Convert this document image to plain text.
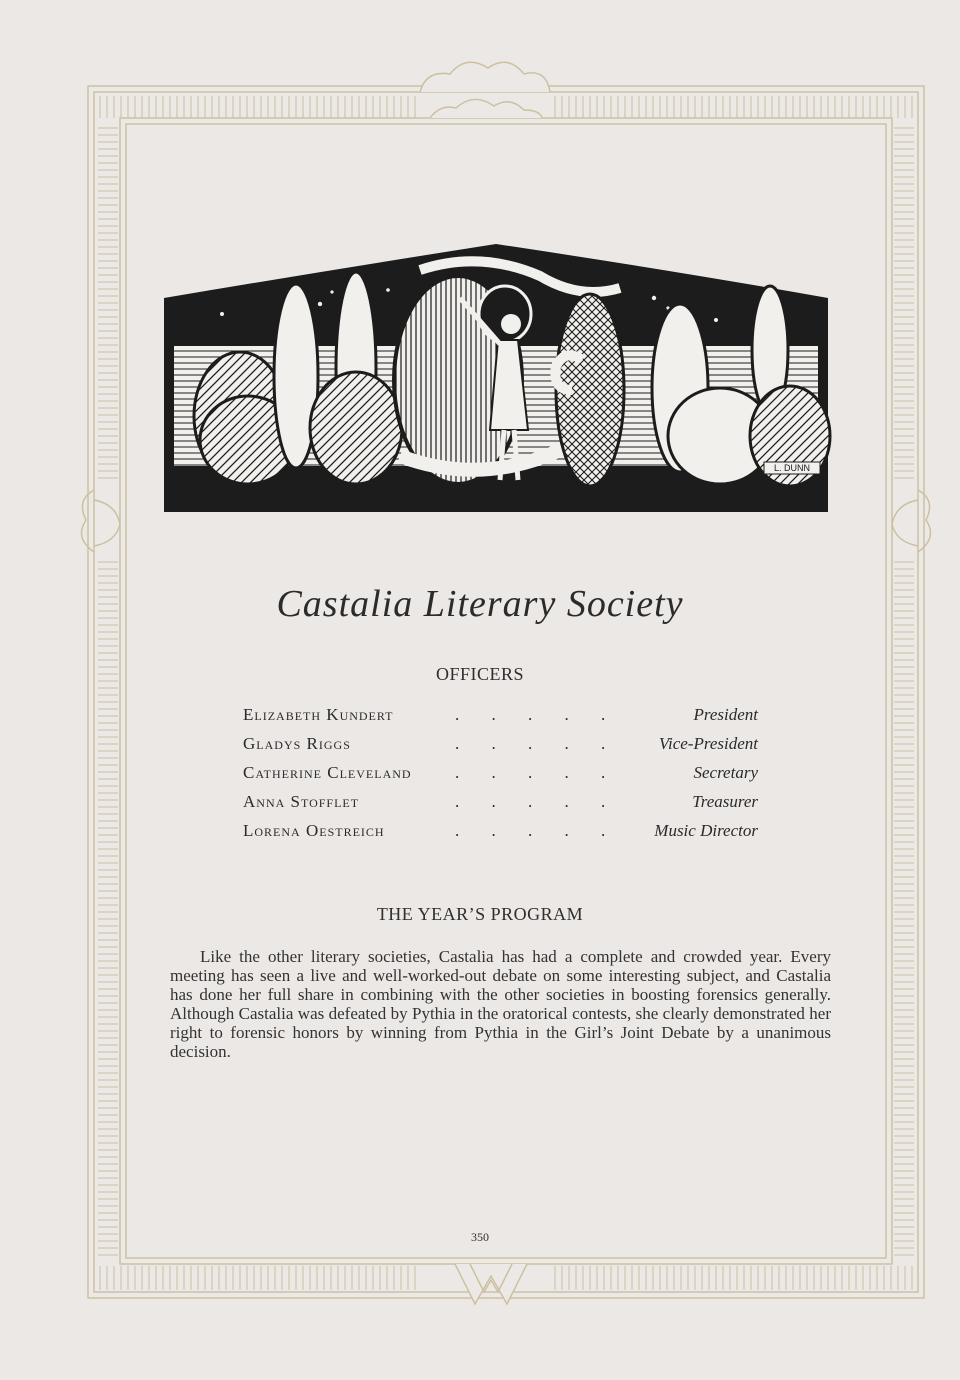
L. DUNN
Castalia Literary Society
OFFICERS
Elizabeth Kundert	. . . . .	President
Gladys Riggs	. . . . .	Vice-President
Catherine Cleveland	. . . . .	Secretary
Anna Stofflet	. . . . .	Treasurer
Lorena Oestreich	. . . . .	Music Director
THE YEAR’S PROGRAM

Like the other literary societies, Castalia has had a complete and crowded year. Every meeting has seen a live and well-worked-out debate on some interesting subject, and Castalia has done her full share in combining with the other societies in boosting forensics generally. Although Castalia was defeated by Pythia in the oratorical contests, she clearly demonstrated her right to forensic honors by winning from Pythia in the Girl’s Joint Debate by a unanimous decision.

350
